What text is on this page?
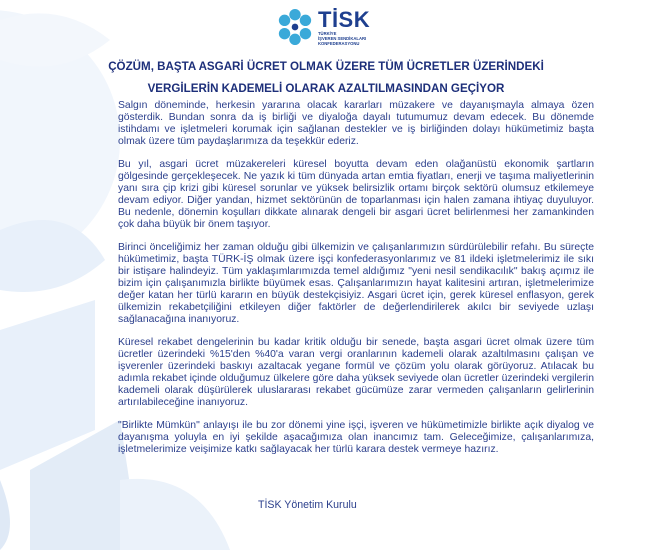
TİSK
TÜRKİYE
İŞVEREN SENDİKALARI
KONFEDERASYONU
ÇÖZÜM, BAŞTA ASGARİ ÜCRET OLMAK ÜZERE TÜM ÜCRETLER ÜZERİNDEKİ
VERGİLERİN KADEMELİ OLARAK AZALTILMASINDAN GEÇİYOR

Salgın döneminde, herkesin yararına olacak kararları müzakere ve dayanışmayla almaya özen gösterdik. Bundan sonra da iş birliği ve diyaloğa dayalı tutumumuz devam edecek. Bu dönemde istihdamı ve işletmeleri korumak için sağlanan destekler ve iş birliğinden dolayı hükümetimiz başta olmak üzere tüm paydaşlarımıza da teşekkür ederiz.

Bu yıl, asgari ücret müzakereleri küresel boyutta devam eden olağanüstü ekonomik şartların gölgesinde gerçekleşecek. Ne yazık ki tüm dünyada artan emtia fiyatları, enerji ve taşıma maliyetlerinin yanı sıra çip krizi gibi küresel sorunlar ve yüksek belirsizlik ortamı birçok sektörü olumsuz etkilemeye devam ediyor. Diğer yandan, hizmet sektörünün de toparlanması için halen zamana ihtiyaç duyuluyor. Bu nedenle, dönemin koşulları dikkate alınarak dengeli bir asgari ücret belirlenmesi her zamankinden çok daha büyük bir önem taşıyor.

Birinci önceliğimiz her zaman olduğu gibi ülkemizin ve çalışanlarımızın sürdürülebilir refahı. Bu süreçte hükümetimiz, başta TÜRK-İŞ olmak üzere işçi konfederasyonlarımız ve 81 ildeki işletmelerimiz ile sıkı bir istişare halindeyiz. Tüm yaklaşımlarımızda temel aldığımız "yeni nesil sendikacılık" bakış açımız ile bizim için çalışanımızla birlikte büyümek esas. Çalışanlarımızın hayat kalitesini artıran, işletmelerimize değer katan her türlü kararın en büyük destekçisiyiz. Asgari ücret için, gerek küresel enflasyon, gerek ülkemizin rekabetçiliğini etkileyen diğer faktörler de değerlendirilerek akılcı bir seviyede uzlaşı sağlanacağına inanıyoruz.

Küresel rekabet dengelerinin bu kadar kritik olduğu bir senede, başta asgari ücret olmak üzere tüm ücretler üzerindeki %15'den %40'a varan vergi oranlarının kademeli olarak azaltılmasını çalışan ve işverenler üzerindeki baskıyı azaltacak yegane formül ve çözüm yolu olarak görüyoruz. Atılacak bu adımla rekabet içinde olduğumuz ülkelere göre daha yüksek seviyede olan ücretler üzerindeki vergilerin kademeli olarak düşürülerek uluslararası rekabet gücümüze zarar vermeden çalışanların gelirlerinin artırılabileceğine inanıyoruz.

"Birlikte Mümkün" anlayışı ile bu zor dönemi yine işçi, işveren ve hükümetimizle birlikte açık diyalog ve dayanışma yoluyla en iyi şekilde aşacağımıza olan inancımız tam. Geleceğimize, çalışanlarımıza, işletmelerimize veişimize katkı sağlayacak her türlü karara destek vermeye hazırız.

TİSK Yönetim Kurulu
